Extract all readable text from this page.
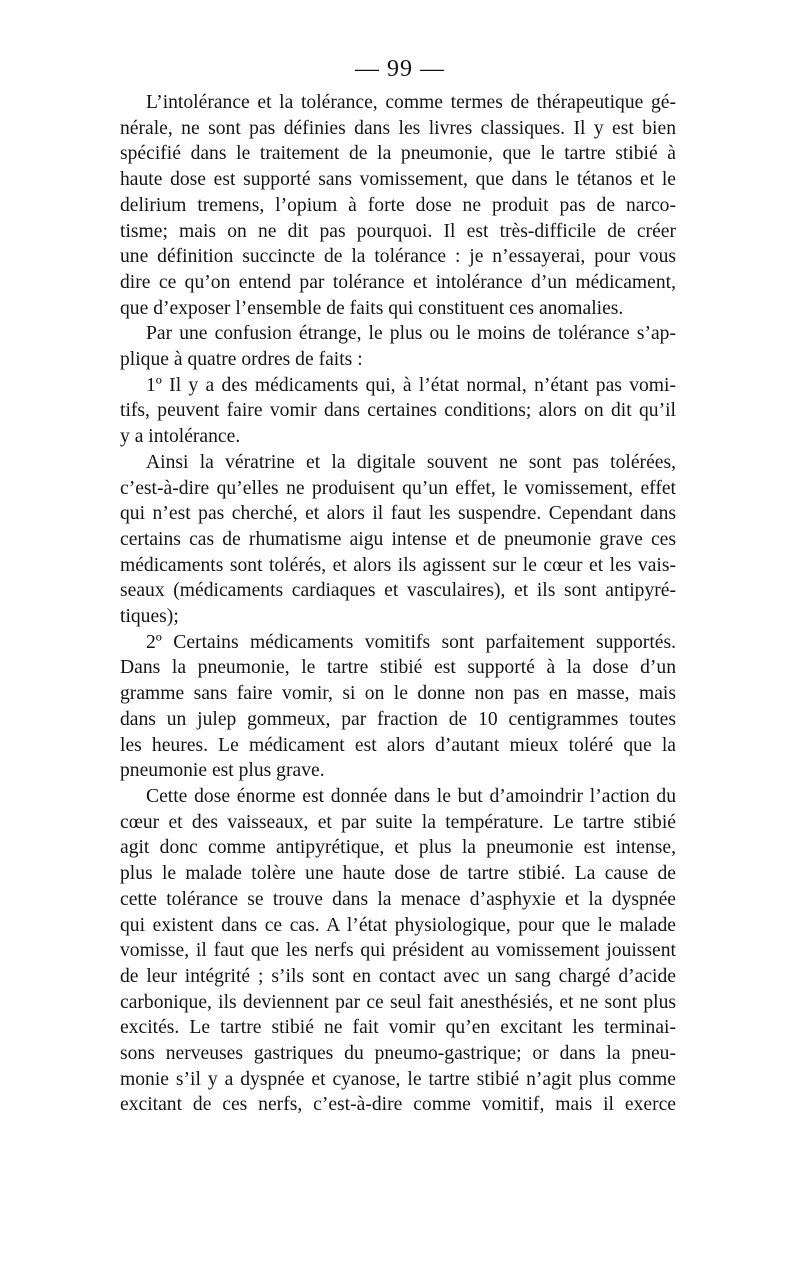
— 99 —
L’intolérance et la tolérance, comme termes de thérapeutique gé-
nérale, ne sont pas définies dans les livres classiques. Il y est bien
spécifié dans le traitement de la pneumonie, que le tartre stibié à
haute dose est supporté sans vomissement, que dans le tétanos et le
delirium tremens, l’opium à forte dose ne produit pas de narco-
tisme; mais on ne dit pas pourquoi. Il est très-difficile de créer
une définition succincte de la tolérance : je n’essayerai, pour vous
dire ce qu’on entend par tolérance et intolérance d’un médicament,
que d’exposer l’ensemble de faits qui constituent ces anomalies.
Par une confusion étrange, le plus ou le moins de tolérance s’ap-
plique à quatre ordres de faits :
1º Il y a des médicaments qui, à l’état normal, n’étant pas vomi-
tifs, peuvent faire vomir dans certaines conditions; alors on dit qu’il
y a intolérance.
Ainsi la vératrine et la digitale souvent ne sont pas tolérées,
c’est-à-dire qu’elles ne produisent qu’un effet, le vomissement, effet
qui n’est pas cherché, et alors il faut les suspendre. Cependant dans
certains cas de rhumatisme aigu intense et de pneumonie grave ces
médicaments sont tolérés, et alors ils agissent sur le cœur et les vais-
seaux (médicaments cardiaques et vasculaires), et ils sont antipyré-
tiques);
2º Certains médicaments vomitifs sont parfaitement supportés.
Dans la pneumonie, le tartre stibié est supporté à la dose d’un
gramme sans faire vomir, si on le donne non pas en masse, mais
dans un julep gommeux, par fraction de 10 centigrammes toutes
les heures. Le médicament est alors d’autant mieux toléré que la
pneumonie est plus grave.
Cette dose énorme est donnée dans le but d’amoindrir l’action du
cœur et des vaisseaux, et par suite la température. Le tartre stibié
agit donc comme antipyrétique, et plus la pneumonie est intense,
plus le malade tolère une haute dose de tartre stibié. La cause de
cette tolérance se trouve dans la menace d’asphyxie et la dyspnée
qui existent dans ce cas. A l’état physiologique, pour que le malade
vomisse, il faut que les nerfs qui président au vomissement jouissent
de leur intégrité ; s’ils sont en contact avec un sang chargé d’acide
carbonique, ils deviennent par ce seul fait anesthésiés, et ne sont plus
excités. Le tartre stibié ne fait vomir qu’en excitant les terminai-
sons nerveuses gastriques du pneumo-gastrique; or dans la pneu-
monie s’il y a dyspnée et cyanose, le tartre stibié n’agit plus comme
excitant de ces nerfs, c’est-à-dire comme vomitif, mais il exerce
